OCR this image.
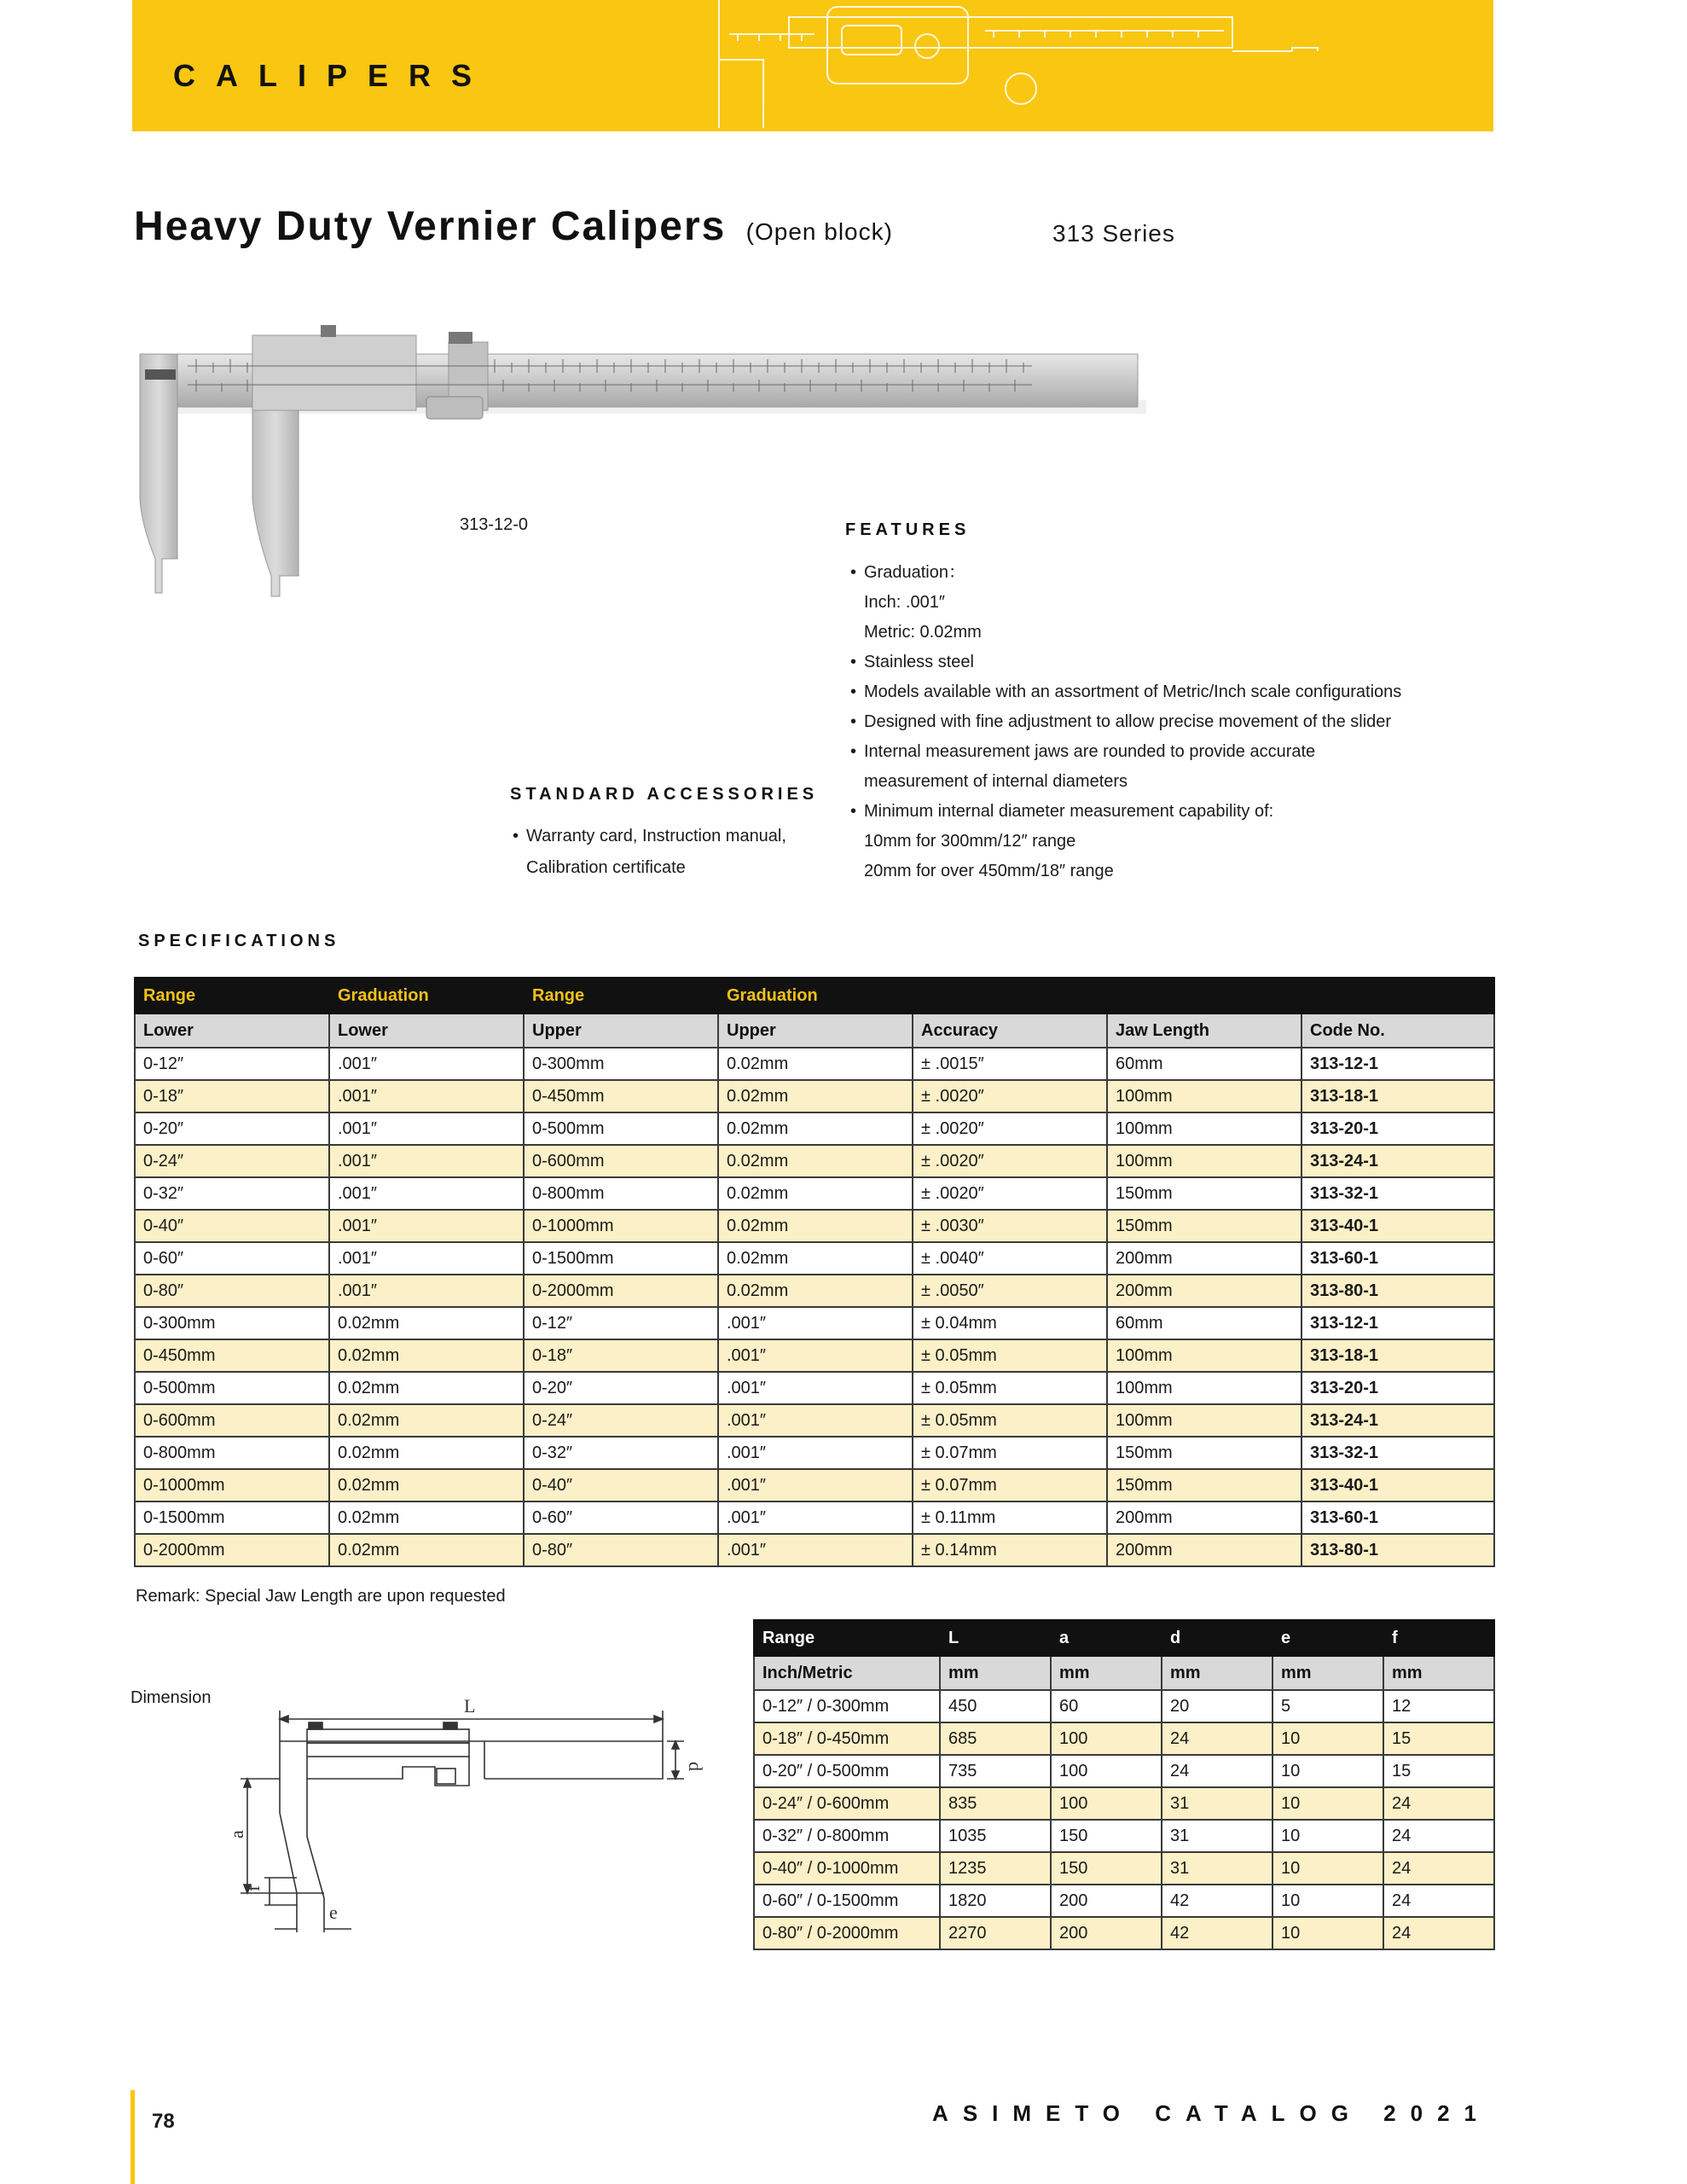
CALIPERS
Heavy Duty Vernier Calipers (Open block)	313 Series
313-12-0	FEATURES
• Graduation：
Inch: .001″
Metric: 0.02mm
• Stainless steel
• Models available with an assortment of Metric/Inch scale configurations
• Designed with fine adjustment to allow precise movement of the slider
• Internal measurement jaws are rounded to provide accurate
measurement of internal diameters
• Minimum internal diameter measurement capability of:
10mm for 300mm/12″ range
20mm for over 450mm/18″ range
STANDARD ACCESSORIES
• Warranty card, Instruction manual,
Calibration certificate
SPECIFICATIONS
Range	Graduation	Range	Graduation			
Lower	Lower	Upper	Upper	Accuracy	Jaw Length	Code No.
0-12″	.001″	0-300mm	0.02mm	± .0015″	60mm	313-12-1
0-18″	.001″	0-450mm	0.02mm	± .0020″	100mm	313-18-1
0-20″	.001″	0-500mm	0.02mm	± .0020″	100mm	313-20-1
0-24″	.001″	0-600mm	0.02mm	± .0020″	100mm	313-24-1
0-32″	.001″	0-800mm	0.02mm	± .0020″	150mm	313-32-1
0-40″	.001″	0-1000mm	0.02mm	± .0030″	150mm	313-40-1
0-60″	.001″	0-1500mm	0.02mm	± .0040″	200mm	313-60-1
0-80″	.001″	0-2000mm	0.02mm	± .0050″	200mm	313-80-1
0-300mm	0.02mm	0-12″	.001″	± 0.04mm	60mm	313-12-1
0-450mm	0.02mm	0-18″	.001″	± 0.05mm	100mm	313-18-1
0-500mm	0.02mm	0-20″	.001″	± 0.05mm	100mm	313-20-1
0-600mm	0.02mm	0-24″	.001″	± 0.05mm	100mm	313-24-1
0-800mm	0.02mm	0-32″	.001″	± 0.07mm	150mm	313-32-1
0-1000mm	0.02mm	0-40″	.001″	± 0.07mm	150mm	313-40-1
0-1500mm	0.02mm	0-60″	.001″	± 0.11mm	200mm	313-60-1
0-2000mm	0.02mm	0-80″	.001″	± 0.14mm	200mm	313-80-1
Remark: Special Jaw Length are upon requested
Dimension	L
a
d
f
e
Range	L	a	d	e	f
Inch/Metric	mm	mm	mm	mm	mm
0-12″ / 0-300mm	450	60	20	5	12
0-18″ / 0-450mm	685	100	24	10	15
0-20″ / 0-500mm	735	100	24	10	15
0-24″ / 0-600mm	835	100	31	10	24
0-32″ / 0-800mm	1035	150	31	10	24
0-40″ / 0-1000mm	1235	150	31	10	24
0-60″ / 0-1500mm	1820	200	42	10	24
0-80″ / 0-2000mm	2270	200	42	10	24
78	ASIMETO CATALOG 2021
